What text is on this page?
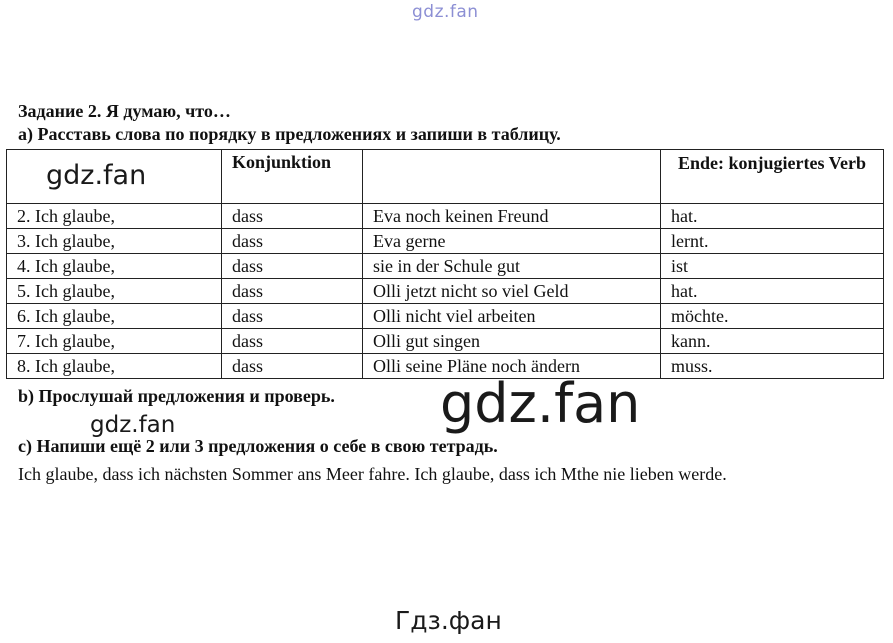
gdz.fan
Задание 2. Я думаю, что…
а) Расставь слова по порядку в предложениях и запиши в таблицу.
	Konjunktion		Ende: konjugiertes Verb
2. Ich glaube,	dass	Eva noch keinen Freund	hat.
3. Ich glaube,	dass	Eva gerne	lernt.
4. Ich glaube,	dass	sie in der Schule gut	ist
5. Ich glaube,	dass	Olli jetzt nicht so viel Geld	hat.
6. Ich glaube,	dass	Olli nicht viel arbeiten	möchte.
7. Ich glaube,	dass	Olli gut singen	kann.
8. Ich glaube,	dass	Olli seine Pläne noch ändern	muss.
gdz.fan
b) Прослушай предложения и проверь. gdz.fan
gdz.fan
c) Напиши ещё 2 или 3 предложения о себе в свою тетрадь.
Ich glaube, dass ich nächsten Sommer ans Meer fahre. Ich glaube, dass ich Mthe nie lieben werde.
Гдз.фан
